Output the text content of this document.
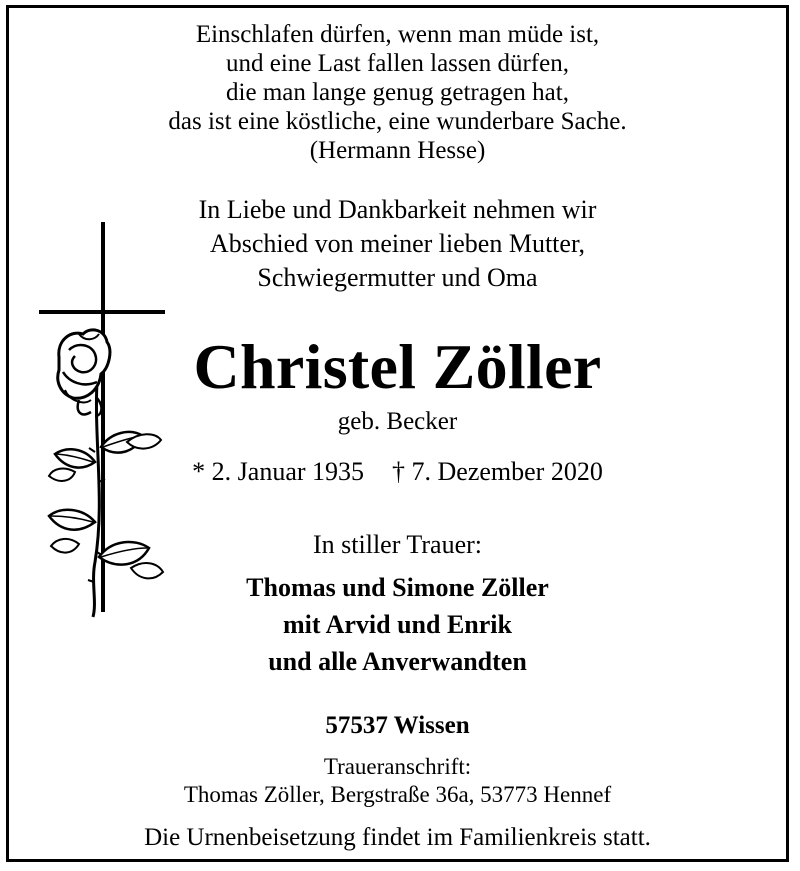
Einschlafen dürfen, wenn man müde ist,
und eine Last fallen lassen dürfen,
die man lange genug getragen hat,
das ist eine köstliche, eine wunderbare Sache.
(Hermann Hesse)
In Liebe und Dankbarkeit nehmen wir
Abschied von meiner lieben Mutter,
Schwiegermutter und Oma
Christel Zöller
geb. Becker
* 2. Januar 1935 † 7. Dezember 2020
In stiller Trauer:
Thomas und Simone Zöller
mit Arvid und Enrik
und alle Anverwandten
57537 Wissen
Traueranschrift:
Thomas Zöller, Bergstraße 36a, 53773 Hennef
Die Urnenbeisetzung findet im Familienkreis statt.
